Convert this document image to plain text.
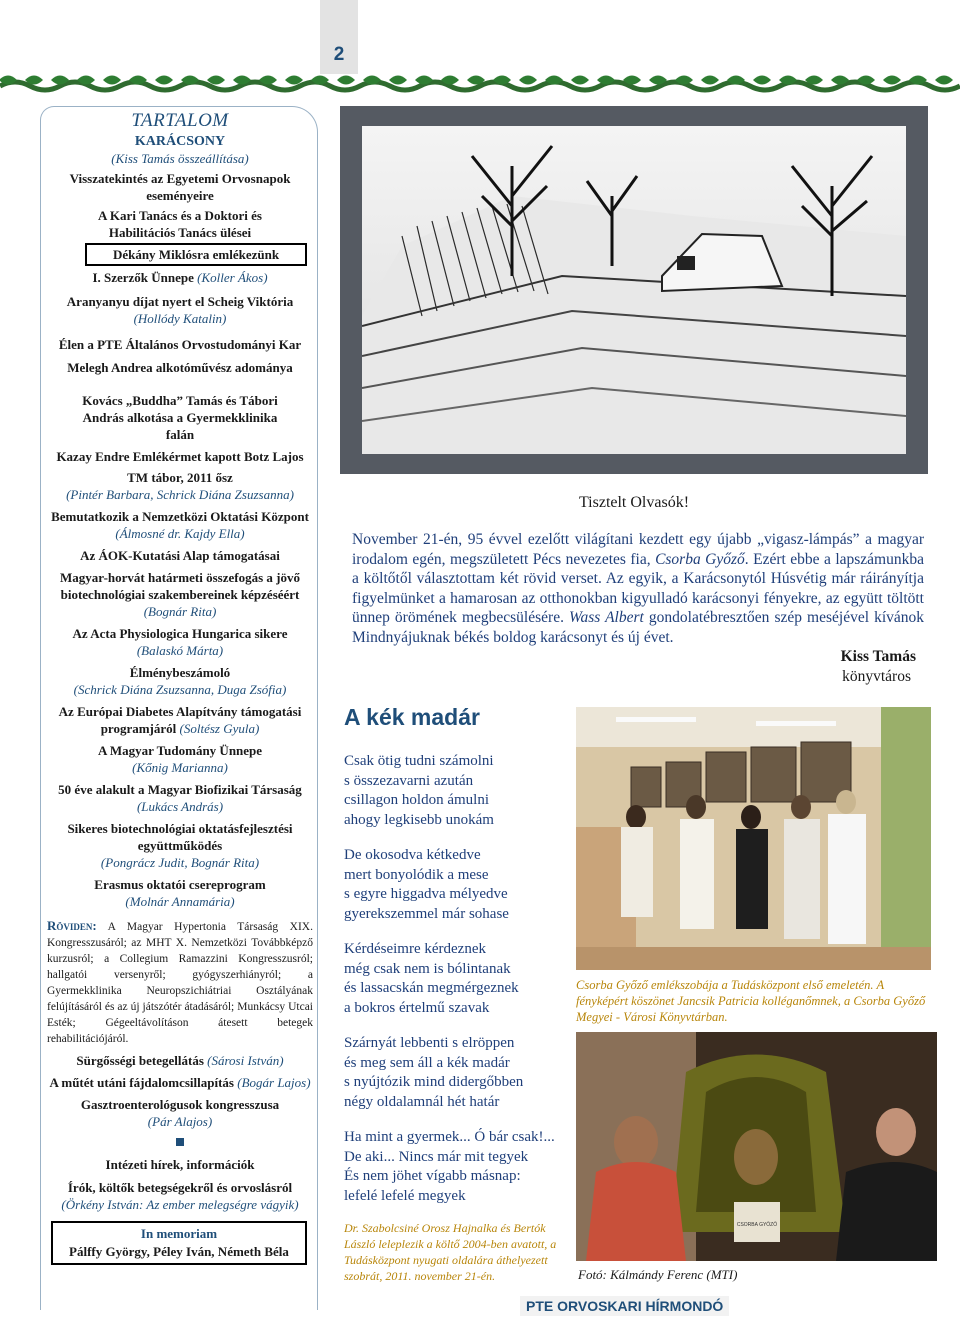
2
TARTALOM
KARÁCSONY
(Kiss Tamás összeállítása)
Visszatekintés az Egyetemi Orvosnapok eseményeire
A Kari Tanács és a Doktori és Habilitációs Tanács ülései
Dékány Miklósra emlékezünk
I. Szerzők Ünnepe (Koller Ákos)
Aranyanyu díjat nyert el Scheig Viktória
(Hollódy Katalin)
Élen a PTE Általános Orvostudományi Kar
Melegh Andrea alkotóművész adománya
Kovács „Buddha” Tamás és Tábori András alkotása a Gyermekklinika falán
Kazay Endre Emlékérmet kapott Botz Lajos
TM tábor, 2011 ősz
(Pintér Barbara, Schrick Diána Zsuzsanna)
Bemutatkozik a Nemzetközi Oktatási Központ
(Álmosné dr. Kajdy Ella)
Az ÁOK-Kutatási Alap támogatásai
Magyar-horvát határmeti összefogás a jövő biotechnológiai szakembereinek képzéséért
(Bognár Rita)
Az Acta Physiologica Hungarica sikere
(Balaskó Márta)
Élménybeszámoló
(Schrick Diána Zsuzsanna, Duga Zsófia)
Az Európai Diabetes Alapítvány támogatási programjáról (Soltész Gyula)
A Magyar Tudomány Ünnepe
(Kőnig Marianna)
50 éve alakult a Magyar Biofizikai Társaság
(Lukács András)
Sikeres biotechnológiai oktatásfejlesztési együttműködés
(Pongrácz Judit, Bognár Rita)
Erasmus oktatói csereprogram
(Molnár Annamária)
Röviden: A Magyar Hypertonia Társaság XIX. Kongresszusáról; az MHT X. Nemzetközi Továbbképző kurzusról; a Collegium Ramazzini Kongresszusról; hallgatói versenyről; gyógyszerhiányról; a Gyermekklinika Neuropszichiátriai Osztályának felújításáról és az új játszótér átadásáról; Munkácsy Utcai Esték; Gégeeltávolításon átesett betegek rehabilitációjáról.
Sürgősségi betegellátás (Sárosi István)
A műtét utáni fájdalomcsillapítás (Bogár Lajos)
Gasztroenterológusok kongresszusa
(Pár Alajos)
Intézeti hírek, információk
Írók, költők betegségekről és orvoslásról
(Örkény István: Az ember melegségre vágyik)
In memoriam
Pálffy György, Péley Iván, Németh Béla
Tisztelt Olvasók!
November 21-én, 95 évvel ezelőtt világítani kezdett egy újabb „vigasz-lámpás” a magyar irodalom egén, megszületett Pécs nevezetes fia, Csorba Győző. Ezért ebbe a lapszámunkba a költőtől választottam két rövid verset. Az egyik, a Karácsonytól Húsvétig már ráirányítja figyelmünket a hamarosan az otthonokban kigyulladó karácsonyi fényekre, az együtt töltött ünnep örömének megbecsülésére. Wass Albert gondolatébresztően szép meséjével kívánok Mindnyájuknak békés boldog karácsonyt és új évet.
Kiss Tamás
könyvtáros
A kék madár
Csak ötig tudni számolni
s összezavarni azután
csillagon holdon ámulni
ahogy legkisebb unokám
De okosodva kétkedve
mert bonyolódik a mese
s egyre higgadva mélyedve
gyerekszemmel már sohase
Kérdéseimre kérdeznek
még csak nem is bólintanak
és lassacskán megmérgeznek
a bokros értelmű szavak
Szárnyát lebbenti s elröppen
és meg sem áll a kék madár
s nyújtózik mind didergőbben
négy oldalamnál hét határ
Ha mint a gyermek... Ó bár csak!...
De aki... Nincs már mit tegyek
És nem jöhet vígabb másnap:
lefelé lefelé megyek
Dr. Szabolcsiné Orosz Hajnalka és Bertók László leleplezik a költő 2004-ben avatott, a Tudásközpont nyugati oldalára áthelyezett szobrát, 2011. november 21-én.
Csorba Győző emlékszobája a Tudásközpont első emeletén. A fényképért köszönet Jancsik Patricia kolléganőmnek, a Csorba Győző Megyei - Városi Könyvtárban.
CSORBA GYŐZŐ
Fotó: Kálmándy Ferenc (MTI)
PTE ORVOSKARI HÍRMONDÓ
